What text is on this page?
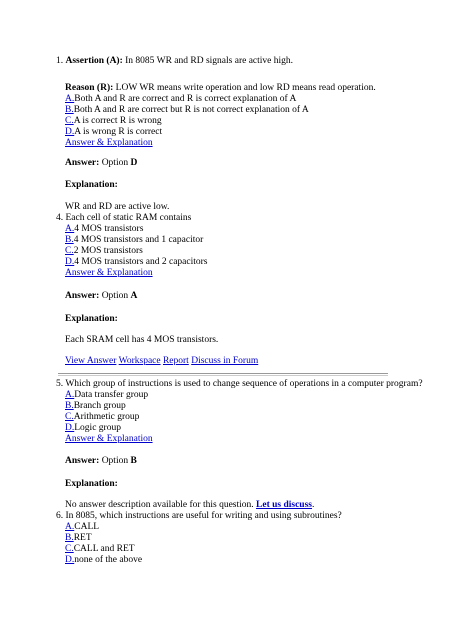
1. Assertion (A): In 8085 WR and RD signals are active high.
Reason (R): LOW WR means write operation and low RD means read operation.
A.Both A and R are correct and R is correct explanation of A
B.Both A and R are correct but R is not correct explanation of A
C.A is correct R is wrong
D.A is wrong R is correct
Answer & Explanation
Answer: Option D
Explanation:
WR and RD are active low.
4. Each cell of static RAM contains
A.4 MOS transistors
B.4 MOS transistors and 1 capacitor
C.2 MOS transistors
D.4 MOS transistors and 2 capacitors
Answer & Explanation
Answer: Option A
Explanation:
Each SRAM cell has 4 MOS transistors.
View Answer Workspace Report Discuss in Forum
5. Which group of instructions is used to change sequence of operations in a computer program?
A.Data transfer group
B.Branch group
C.Arithmetic group
D.Logic group
Answer & Explanation
Answer: Option B
Explanation:
No answer description available for this question. Let us discuss.
6. In 8085, which instructions are useful for writing and using subroutines?
A.CALL
B.RET
C.CALL and RET
D.none of the above
